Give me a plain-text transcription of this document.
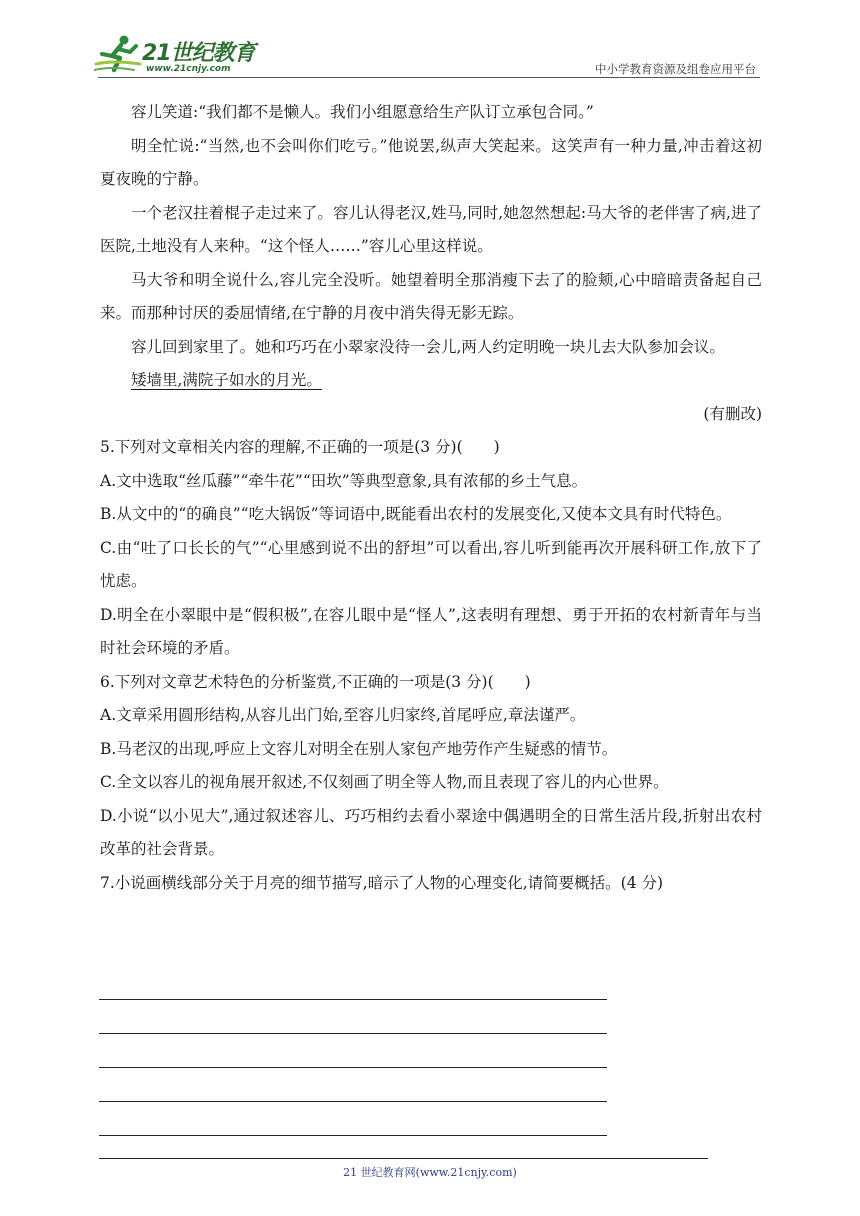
21世纪教育
www.21cnjy.com	中小学教育资源及组卷应用平台

容儿笑道:“我们都不是懒人。我们小组愿意给生产队订立承包合同。”

明全忙说:“当然,也不会叫你们吃亏。”他说罢,纵声大笑起来。这笑声有一种力量,冲击着这初夏夜晚的宁静。

一个老汉拄着棍子走过来了。容儿认得老汉,姓马,同时,她忽然想起:马大爷的老伴害了病,进了医院,土地没有人来种。“这个怪人……”容儿心里这样说。

马大爷和明全说什么,容儿完全没听。她望着明全那消瘦下去了的脸颊,心中暗暗责备起自己来。而那种讨厌的委屈情绪,在宁静的月夜中消失得无影无踪。

容儿回到家里了。她和巧巧在小翠家没待一会儿,两人约定明晚一块儿去大队参加会议。

矮墙里,满院子如水的月光。

(有删改)

5.下列对文章相关内容的理解,不正确的一项是(3 分)(　　)

A.文中选取“丝瓜藤”“牵牛花”“田坎”等典型意象,具有浓郁的乡土气息。

B.从文中的“的确良”“吃大锅饭”等词语中,既能看出农村的发展变化,又使本文具有时代特色。

C.由“吐了口长长的气”“心里感到说不出的舒坦”可以看出,容儿听到能再次开展科研工作,放下了忧虑。

D.明全在小翠眼中是“假积极”,在容儿眼中是“怪人”,这表明有理想、勇于开拓的农村新青年与当时社会环境的矛盾。

6.下列对文章艺术特色的分析鉴赏,不正确的一项是(3 分)(　　)

A.文章采用圆形结构,从容儿出门始,至容儿归家终,首尾呼应,章法谨严。

B.马老汉的出现,呼应上文容儿对明全在别人家包产地劳作产生疑惑的情节。

C.全文以容儿的视角展开叙述,不仅刻画了明全等人物,而且表现了容儿的内心世界。

D.小说“以小见大”,通过叙述容儿、巧巧相约去看小翠途中偶遇明全的日常生活片段,折射出农村改革的社会背景。

7.小说画横线部分关于月亮的细节描写,暗示了人物的心理变化,请简要概括。(4 分)

21 世纪教育网(www.21cnjy.com)
